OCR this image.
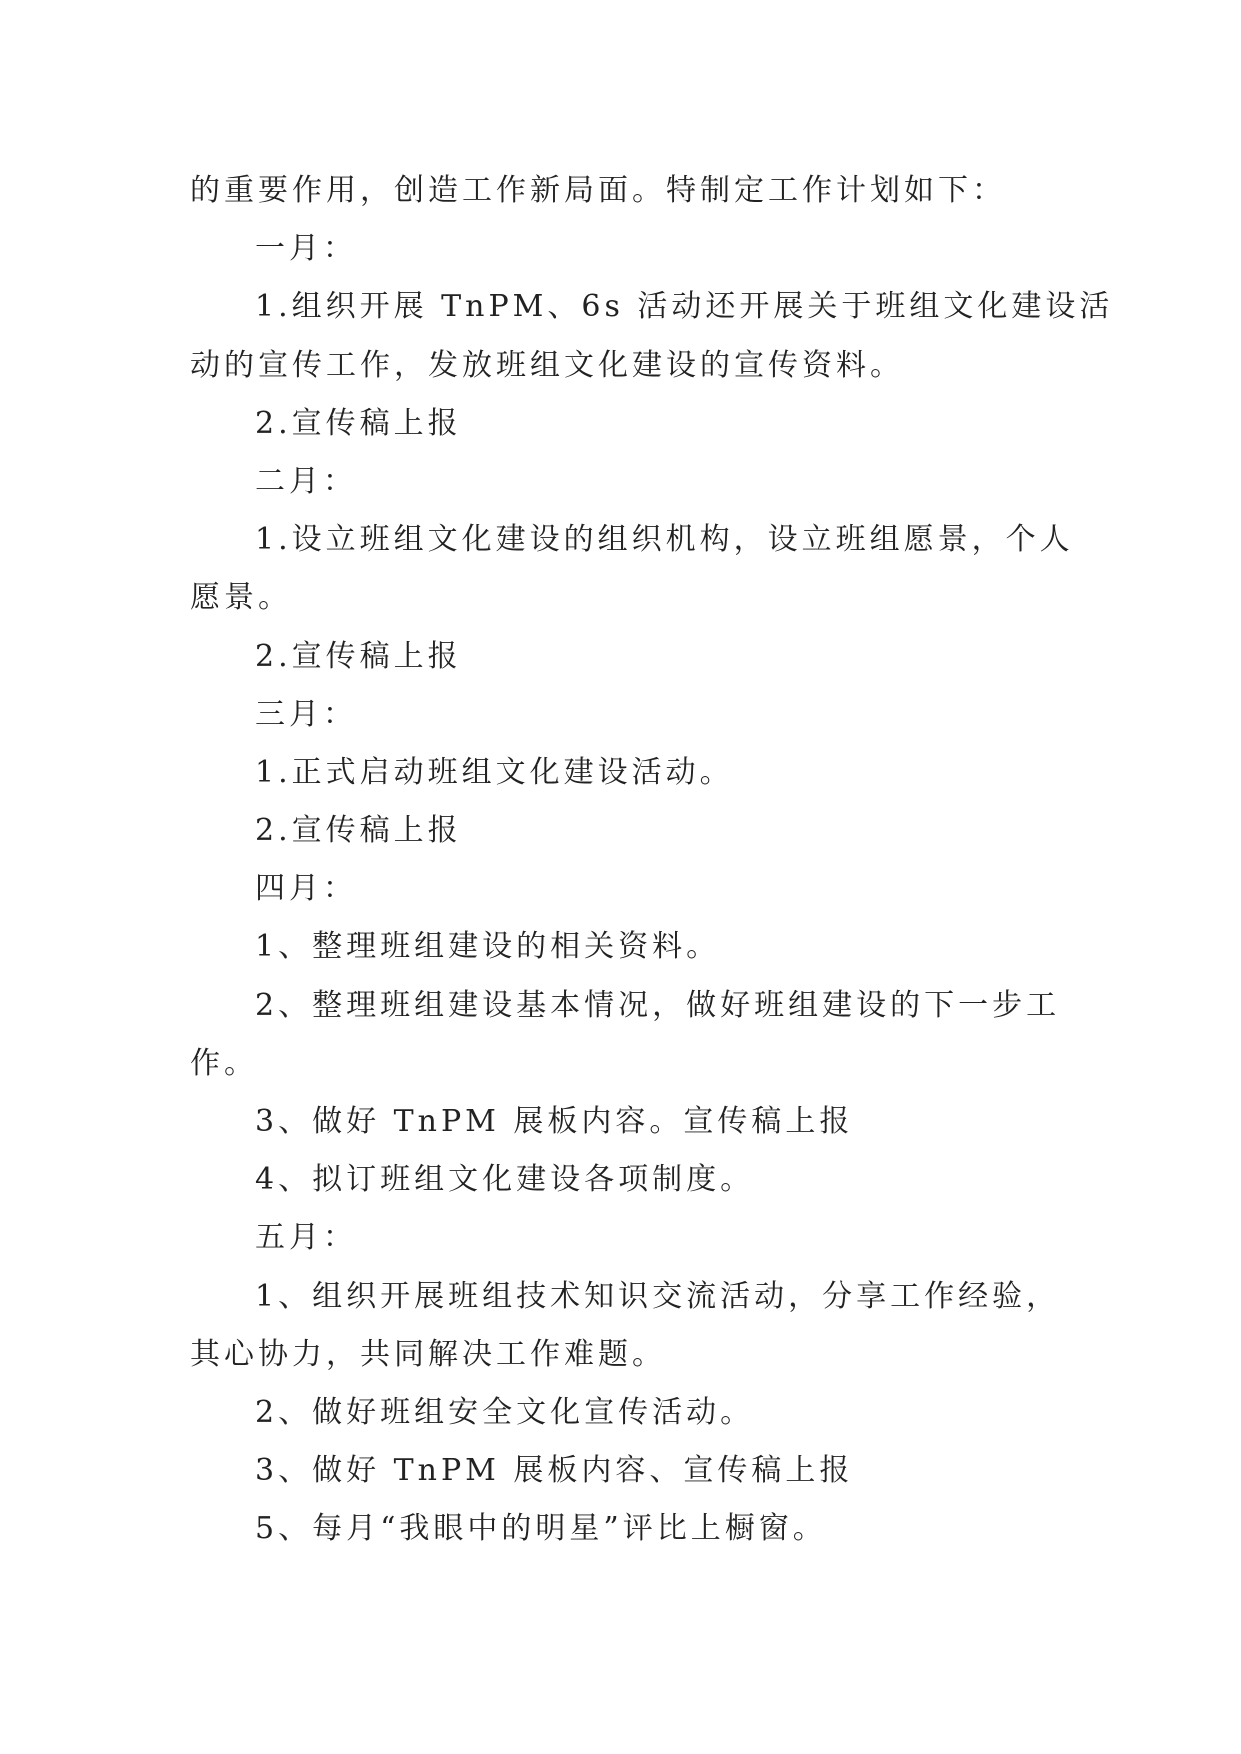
的重要作用，创造工作新局面。特制定工作计划如下：
一月：
1.组织开展 TnPM、6s 活动还开展关于班组文化建设活
动的宣传工作，发放班组文化建设的宣传资料。
2.宣传稿上报
二月：
1.设立班组文化建设的组织机构，设立班组愿景，个人
愿景。
2.宣传稿上报
三月：
1.正式启动班组文化建设活动。
2.宣传稿上报
四月：
1、整理班组建设的相关资料。
2、整理班组建设基本情况，做好班组建设的下一步工
作。
3、做好 TnPM 展板内容。宣传稿上报
4、拟订班组文化建设各项制度。
五月：
1、组织开展班组技术知识交流活动，分享工作经验，
其心协力，共同解决工作难题。
2、做好班组安全文化宣传活动。
3、做好 TnPM 展板内容、宣传稿上报
5、每月“我眼中的明星”评比上橱窗。
